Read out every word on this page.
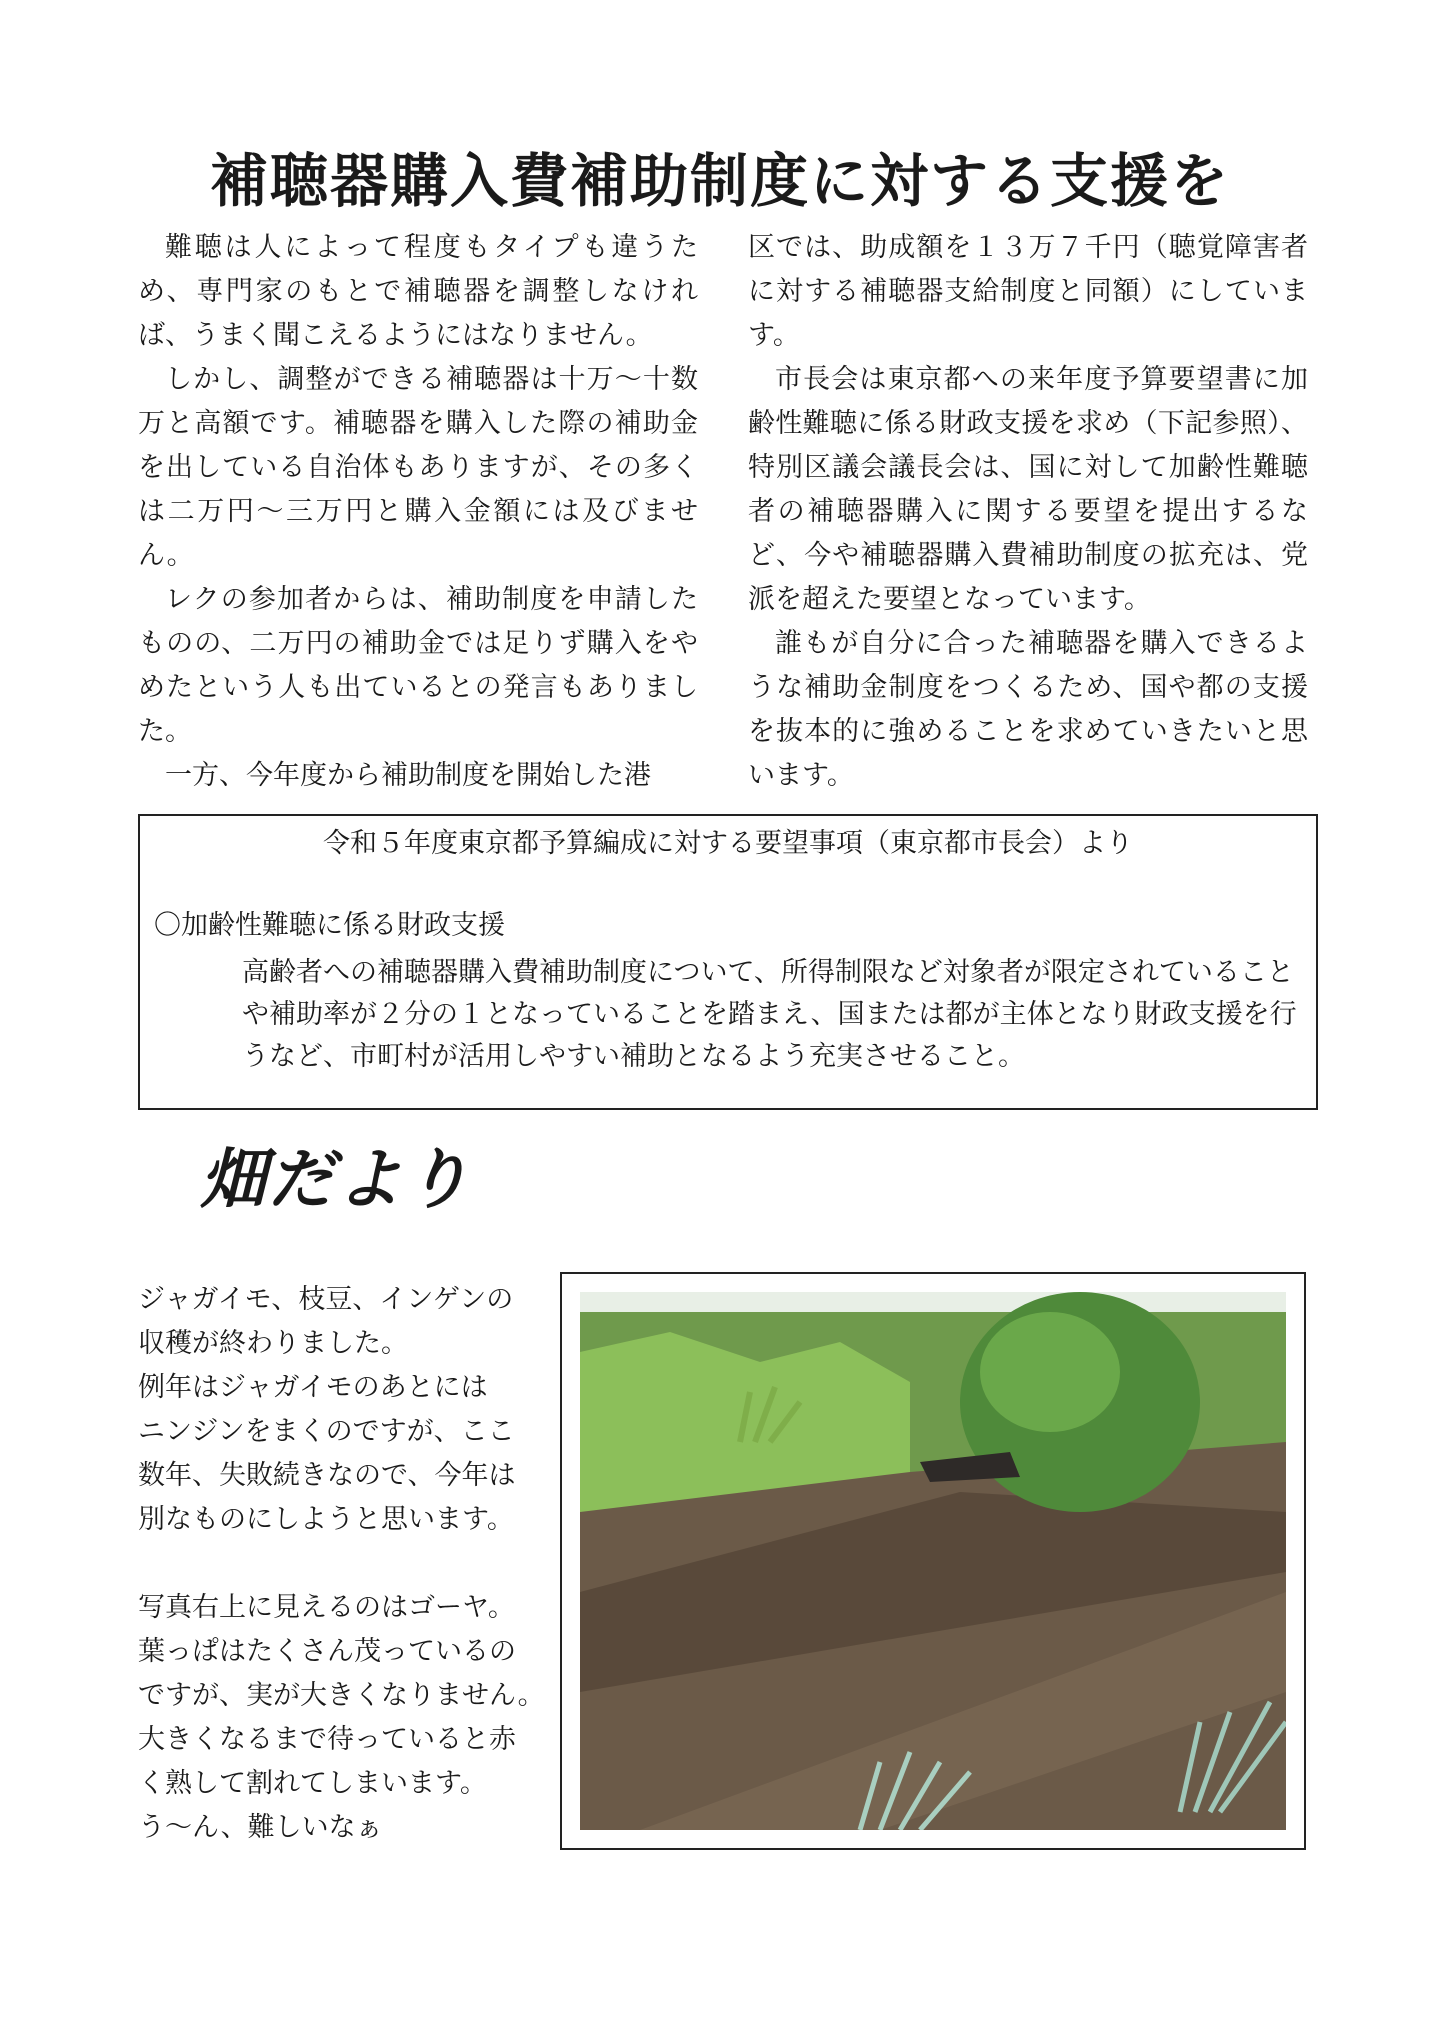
補聴器購入費補助制度に対する支援を

難聴は人によって程度もタイプも違うため、専門家のもとで補聴器を調整しなければ、うまく聞こえるようにはなりません。

しかし、調整ができる補聴器は十万～十数万と高額です。補聴器を購入した際の補助金を出している自治体もありますが、その多くは二万円～三万円と購入金額には及びません。

レクの参加者からは、補助制度を申請したものの、二万円の補助金では足りず購入をやめたという人も出ているとの発言もありました。

一方、今年度から補助制度を開始した港

区では、助成額を１３万７千円（聴覚障害者に対する補聴器支給制度と同額）にしています。

市長会は東京都への来年度予算要望書に加齢性難聴に係る財政支援を求め（下記参照）、特別区議会議長会は、国に対して加齢性難聴者の補聴器購入に関する要望を提出するなど、今や補聴器購入費補助制度の拡充は、党派を超えた要望となっています。

誰もが自分に合った補聴器を購入できるような補助金制度をつくるため、国や都の支援を抜本的に強めることを求めていきたいと思います。

令和５年度東京都予算編成に対する要望事項（東京都市長会）より
〇加齢性難聴に係る財政支援

高齢者への補聴器購入費補助制度について、所得制限など対象者が限定されていることや補助率が２分の１となっていることを踏まえ、国または都が主体となり財政支援を行うなど、市町村が活用しやすい補助となるよう充実させること。

畑だより

ジャガイモ、枝豆、インゲンの

収穫が終わりました。

例年はジャガイモのあとには

ニンジンをまくのですが、ここ

数年、失敗続きなので、今年は

別なものにしようと思います。

写真右上に見えるのはゴーヤ。

葉っぱはたくさん茂っているの

ですが、実が大きくなりません。

大きくなるまで待っていると赤

く熟して割れてしまいます。

う～ん、難しいなぁ
